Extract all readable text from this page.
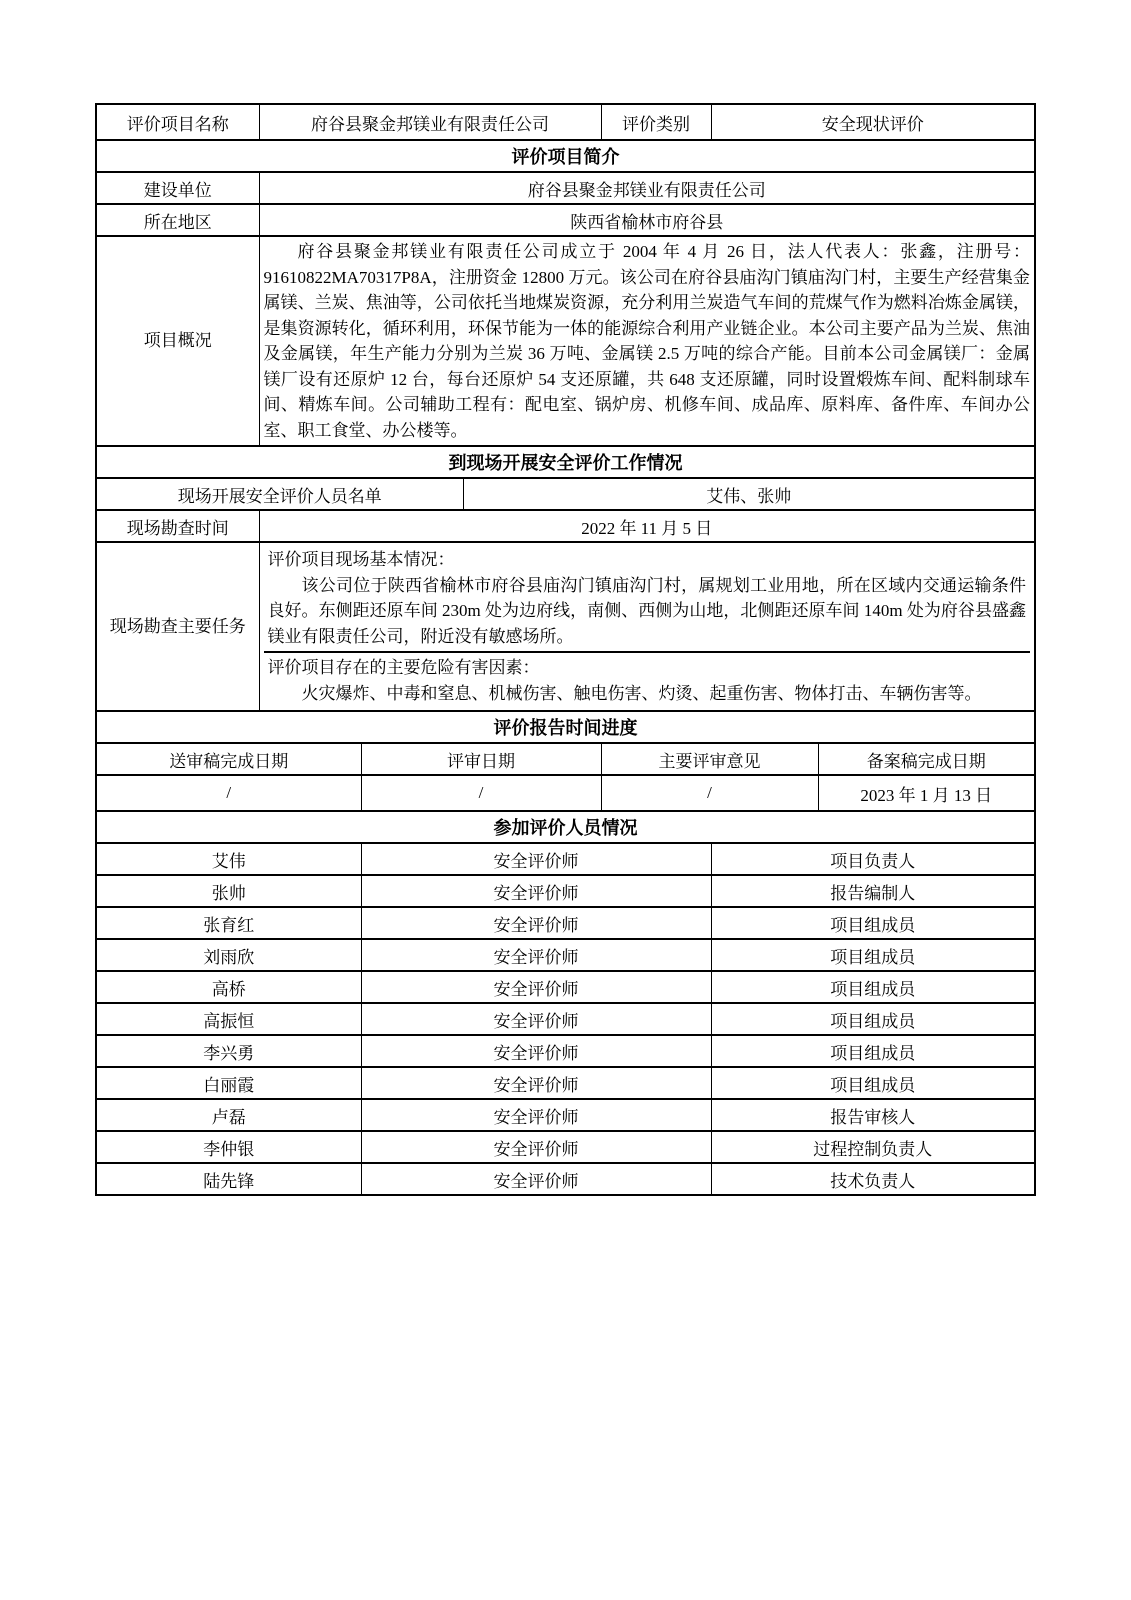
评价项目名称	府谷县聚金邦镁业有限责任公司	评价类别	安全现状评价
评价项目简介
建设单位	府谷县聚金邦镁业有限责任公司
所在地区	陕西省榆林市府谷县
项目概况	

府谷县聚金邦镁业有限责任公司成立于 2004 年 4 月 26 日，法人代表人：张鑫，注册号：91610822MA70317P8A，注册资金 12800 万元。该公司在府谷县庙沟门镇庙沟门村，主要生产经营集金属镁、兰炭、焦油等，公司依托当地煤炭资源，充分利用兰炭造气车间的荒煤气作为燃料冶炼金属镁，是集资源转化，循环利用，环保节能为一体的能源综合利用产业链企业。本公司主要产品为兰炭、焦油及金属镁，年生产能力分别为兰炭 36 万吨、金属镁 2.5 万吨的综合产能。目前本公司金属镁厂：金属镁厂设有还原炉 12 台，每台还原炉 54 支还原罐，共 648 支还原罐，同时设置煅炼车间、配料制球车间、精炼车间。公司辅助工程有：配电室、锅炉房、机修车间、成品库、原料库、备件库、车间办公室、职工食堂、办公楼等。

到现场开展安全评价工作情况
现场开展安全评价人员名单	艾伟、张帅
现场勘查时间	2022 年 11 月 5 日
现场勘查主要任务	

评价项目现场基本情况：

该公司位于陕西省榆林市府谷县庙沟门镇庙沟门村，属规划工业用地，所在区域内交通运输条件良好。东侧距还原车间 230m 处为边府线，南侧、西侧为山地，北侧距还原车间 140m 处为府谷县盛鑫镁业有限责任公司，附近没有敏感场所。

评价项目存在的主要危险有害因素：

火灾爆炸、中毒和窒息、机械伤害、触电伤害、灼烫、起重伤害、物体打击、车辆伤害等。

评价报告时间进度
送审稿完成日期	评审日期	主要评审意见	备案稿完成日期
/	/	/	2023 年 1 月 13 日
参加评价人员情况
艾伟	安全评价师	项目负责人
张帅	安全评价师	报告编制人
张育红	安全评价师	项目组成员
刘雨欣	安全评价师	项目组成员
高桥	安全评价师	项目组成员
高振恒	安全评价师	项目组成员
李兴勇	安全评价师	项目组成员
白丽霞	安全评价师	项目组成员
卢磊	安全评价师	报告审核人
李仲银	安全评价师	过程控制负责人
陆先锋	安全评价师	技术负责人
